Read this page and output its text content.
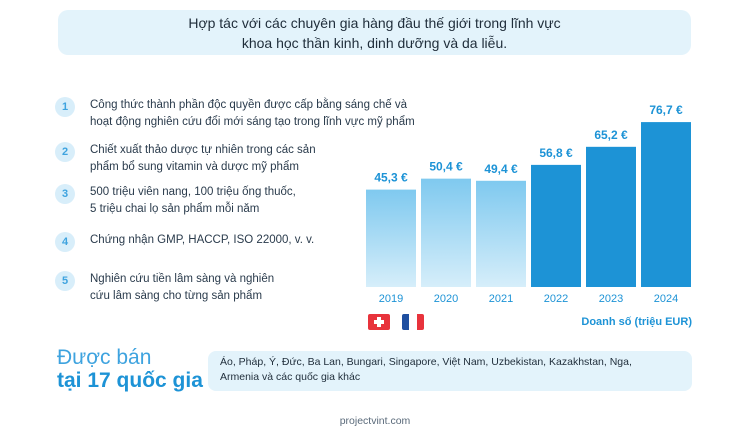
Hợp tác với các chuyên gia hàng đầu thế giới trong lĩnh vực
khoa học thần kinh, dinh dưỡng và da liễu.
1	Công thức thành phần độc quyền được cấp bằng sáng chế và
hoạt động nghiên cứu đổi mới sáng tạo trong lĩnh vực mỹ phẩm
2	Chiết xuất thảo dược tự nhiên trong các sản
phẩm bổ sung vitamin và dược mỹ phẩm
3	500 triệu viên nang, 100 triệu ống thuốc,
5 triệu chai lọ sản phẩm mỗi năm
4	Chứng nhận GMP, HACCP, ISO 22000, v. v.
5	Nghiên cứu tiền lâm sàng và nghiên
cứu lâm sàng cho từng sản phẩm
45,3 €
2019
50,4 €
2020
49,4 €
2021
56,8 €
2022
65,2 €
2023
76,7 €
2024
Doanh số (triệu EUR)
Được bán
tại 17 quốc gia
Áo, Pháp, Ý, Đức, Ba Lan, Bungari, Singapore, Việt Nam, Uzbekistan, Kazakhstan, Nga,
Armenia và các quốc gia khác
projectvint.com
